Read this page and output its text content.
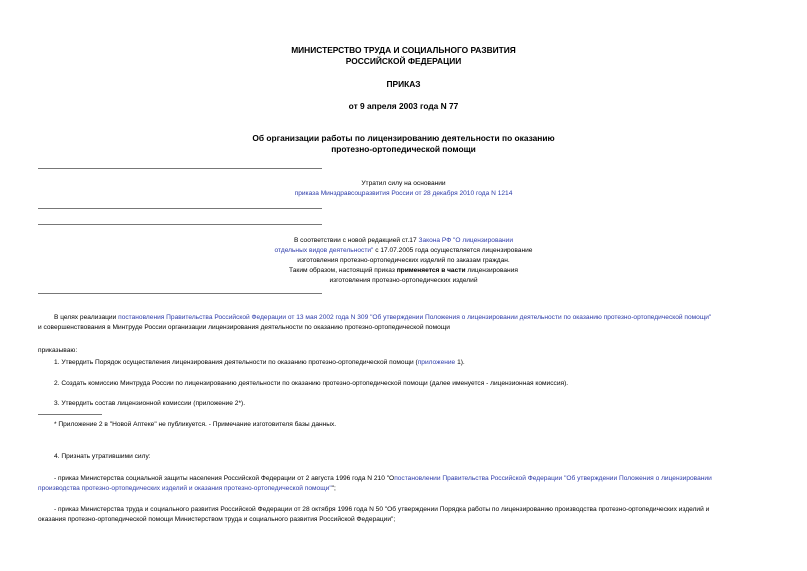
МИНИСТЕРСТВО ТРУДА И СОЦИАЛЬНОГО РАЗВИТИЯ
РОССИЙСКОЙ ФЕДЕРАЦИИ
ПРИКАЗ
от 9 апреля 2003 года N 77
Об организации работы по лицензированию деятельности по оказанию
протезно-ортопедической помощи
Утратил силу на основании
приказа Минздравсоцразвития России от 28 декабря 2010 года N 1214
В соответствии с новой редакцией ст.17 Закона РФ "О лицензировании
отдельных видов деятельности" с 17.07.2005 года осуществляется лицензирование
изготовления протезно-ортопедических изделий по заказам граждан.
Таким образом, настоящий приказ применяется в части лицензирования
изготовления протезно-ортопедических изделий
В целях реализации постановления Правительства Российской Федерации от 13 мая 2002 года N 309 "Об утверждении Положения о лицензировании деятельности по оказанию протезно-ортопедической помощи"
и совершенствования в Минтруде России организации лицензирования деятельности по оказанию протезно-ортопедической помощи
приказываю:
1. Утвердить Порядок осуществления лицензирования деятельности по оказанию протезно-ортопедической помощи (приложение 1).
2. Создать комиссию Минтруда России по лицензированию деятельности по оказанию протезно-ортопедической помощи (далее именуется - лицензионная комиссия).
3. Утвердить состав лицензионной комиссии (приложение 2*).
* Приложение 2 в "Новой Аптеке" не публикуется. - Примечание изготовителя базы данных.
4. Признать утратившими силу:
- приказ Министерства социальной защиты населения Российской Федерации от 2 августа 1996 года N 210 "Опостановлении Правительства Российской Федерации "Об утверждении Положения о лицензировании
производства протезно-ортопедических изделий и оказания протезно-ортопедической помощи"";
- приказ Министерства труда и социального развития Российской Федерации от 28 октября 1996 года N 50 "Об утверждении Порядка работы по лицензированию производства протезно-ортопедических изделий и
оказания протезно-ортопедической помощи Министерством труда и социального развития Российской Федерации";
